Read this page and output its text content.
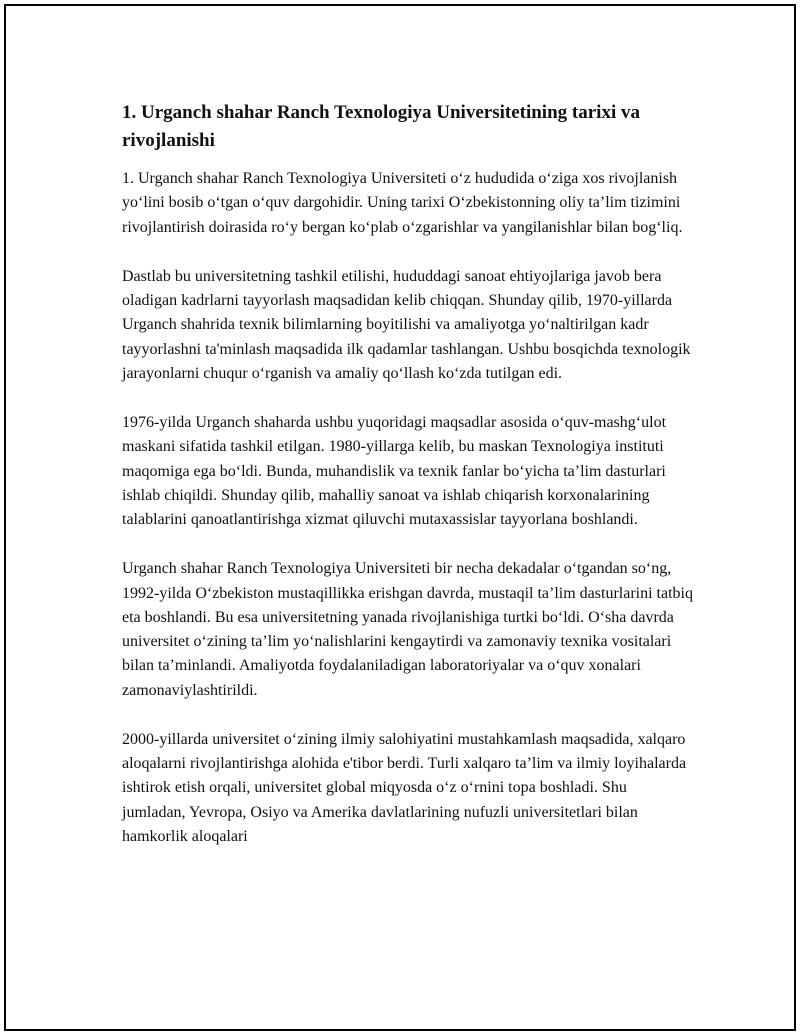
1. Urganch shahar Ranch Texnologiya Universitetining tarixi va rivojlanishi

1. Urganch shahar Ranch Texnologiya Universiteti o‘z hududida o‘ziga xos rivojlanish yo‘lini bosib o‘tgan o‘quv dargohidir. Uning tarixi O‘zbekistonning oliy ta’lim tizimini rivojlantirish doirasida ro‘y bergan ko‘plab o‘zgarishlar va yangilanishlar bilan bog‘liq.

Dastlab bu universitetning tashkil etilishi, hududdagi sanoat ehtiyojlariga javob bera oladigan kadrlarni tayyorlash maqsadidan kelib chiqqan. Shunday qilib, 1970-yillarda Urganch shahrida texnik bilimlarning boyitilishi va amaliyotga yo‘naltirilgan kadr tayyorlashni ta'minlash maqsadida ilk qadamlar tashlangan. Ushbu bosqichda texnologik jarayonlarni chuqur o‘rganish va amaliy qo‘llash ko‘zda tutilgan edi.

1976-yilda Urganch shaharda ushbu yuqoridagi maqsadlar asosida o‘quv-mashg‘ulot maskani sifatida tashkil etilgan. 1980-yillarga kelib, bu maskan Texnologiya instituti maqomiga ega bo‘ldi. Bunda, muhandislik va texnik fanlar bo‘yicha ta’lim dasturlari ishlab chiqildi. Shunday qilib, mahalliy sanoat va ishlab chiqarish korxonalarining talablarini qanoatlantirishga xizmat qiluvchi mutaxassislar tayyorlana boshlandi.

Urganch shahar Ranch Texnologiya Universiteti bir necha dekadalar o‘tgandan so‘ng, 1992-yilda O‘zbekiston mustaqillikka erishgan davrda, mustaqil ta’lim dasturlarini tatbiq eta boshlandi. Bu esa universitetning yanada rivojlanishiga turtki bo‘ldi. O‘sha davrda universitet o‘zining ta’lim yo‘nalishlarini kengaytirdi va zamonaviy texnika vositalari bilan ta’minlandi. Amaliyotda foydalaniladigan laboratoriyalar va o‘quv xonalari zamonaviylashtirildi.

2000-yillarda universitet o‘zining ilmiy salohiyatini mustahkamlash maqsadida, xalqaro aloqalarni rivojlantirishga alohida e'tibor berdi. Turli xalqaro ta’lim va ilmiy loyihalarda ishtirok etish orqali, universitet global miqyosda o‘z o‘rnini topa boshladi. Shu jumladan, Yevropa, Osiyo va Amerika davlatlarining nufuzli universitetlari bilan hamkorlik aloqalari
